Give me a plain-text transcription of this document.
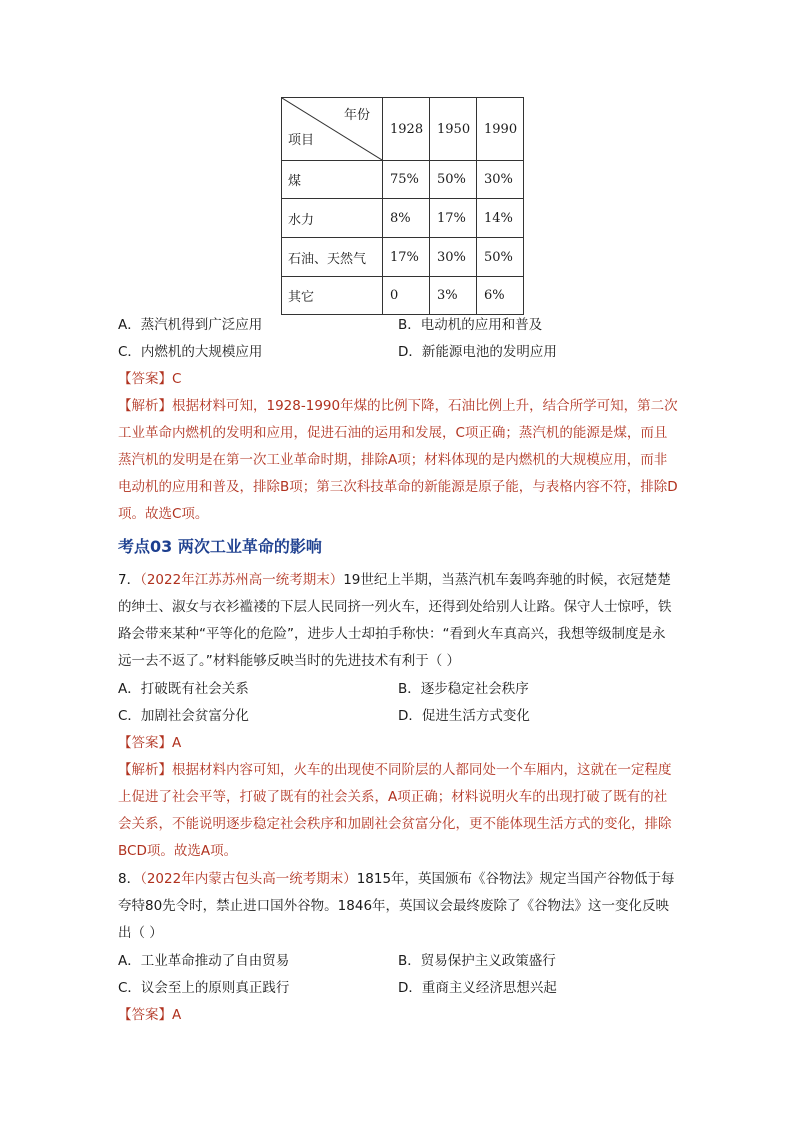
年份
项目	1928	1950	1990
煤	75%	50%	30%
水力	8%	17%	14%
石油、天然气	17%	30%	50%
其它	0	3%	6%
A．蒸汽机得到广泛应用	B．电动机的应用和普及
C．内燃机的大规模应用	D．新能源电池的发明应用
【答案】C
【解析】根据材料可知，1928-1990年煤的比例下降，石油比例上升，结合所学可知，第二次工业革命内燃机的发明和应用，促进石油的运用和发展，C项正确；蒸汽机的能源是煤，而且蒸汽机的发明是在第一次工业革命时期，排除A项；材料体现的是内燃机的大规模应用，而非电动机的应用和普及，排除B项；第三次科技革命的新能源是原子能，与表格内容不符，排除D项。故选C项。
考点03 两次工业革命的影响
7．（2022年江苏苏州高一统考期末）19世纪上半期，当蒸汽机车轰鸣奔驰的时候，衣冠楚楚的绅士、淑女与衣衫褴褛的下层人民同挤一列火车，还得到处给别人让路。保守人士惊呼，铁路会带来某种“平等化的危险”，进步人士却拍手称快：“看到火车真高兴，我想等级制度是永远一去不返了。”材料能够反映当时的先进技术有利于（ ）
A．打破既有社会关系	B．逐步稳定社会秩序
C．加剧社会贫富分化	D．促进生活方式变化
【答案】A
【解析】根据材料内容可知，火车的出现使不同阶层的人都同处一个车厢内，这就在一定程度上促进了社会平等，打破了既有的社会关系，A项正确；材料说明火车的出现打破了既有的社会关系，不能说明逐步稳定社会秩序和加剧社会贫富分化，更不能体现生活方式的变化，排除BCD项。故选A项。
8．（2022年内蒙古包头高一统考期末）1815年，英国颁布《谷物法》规定当国产谷物低于每夸特80先令时，禁止进口国外谷物。1846年，英国议会最终废除了《谷物法》这一变化反映出（ ）
A．工业革命推动了自由贸易	B．贸易保护主义政策盛行
C．议会至上的原则真正践行	D．重商主义经济思想兴起
【答案】A
